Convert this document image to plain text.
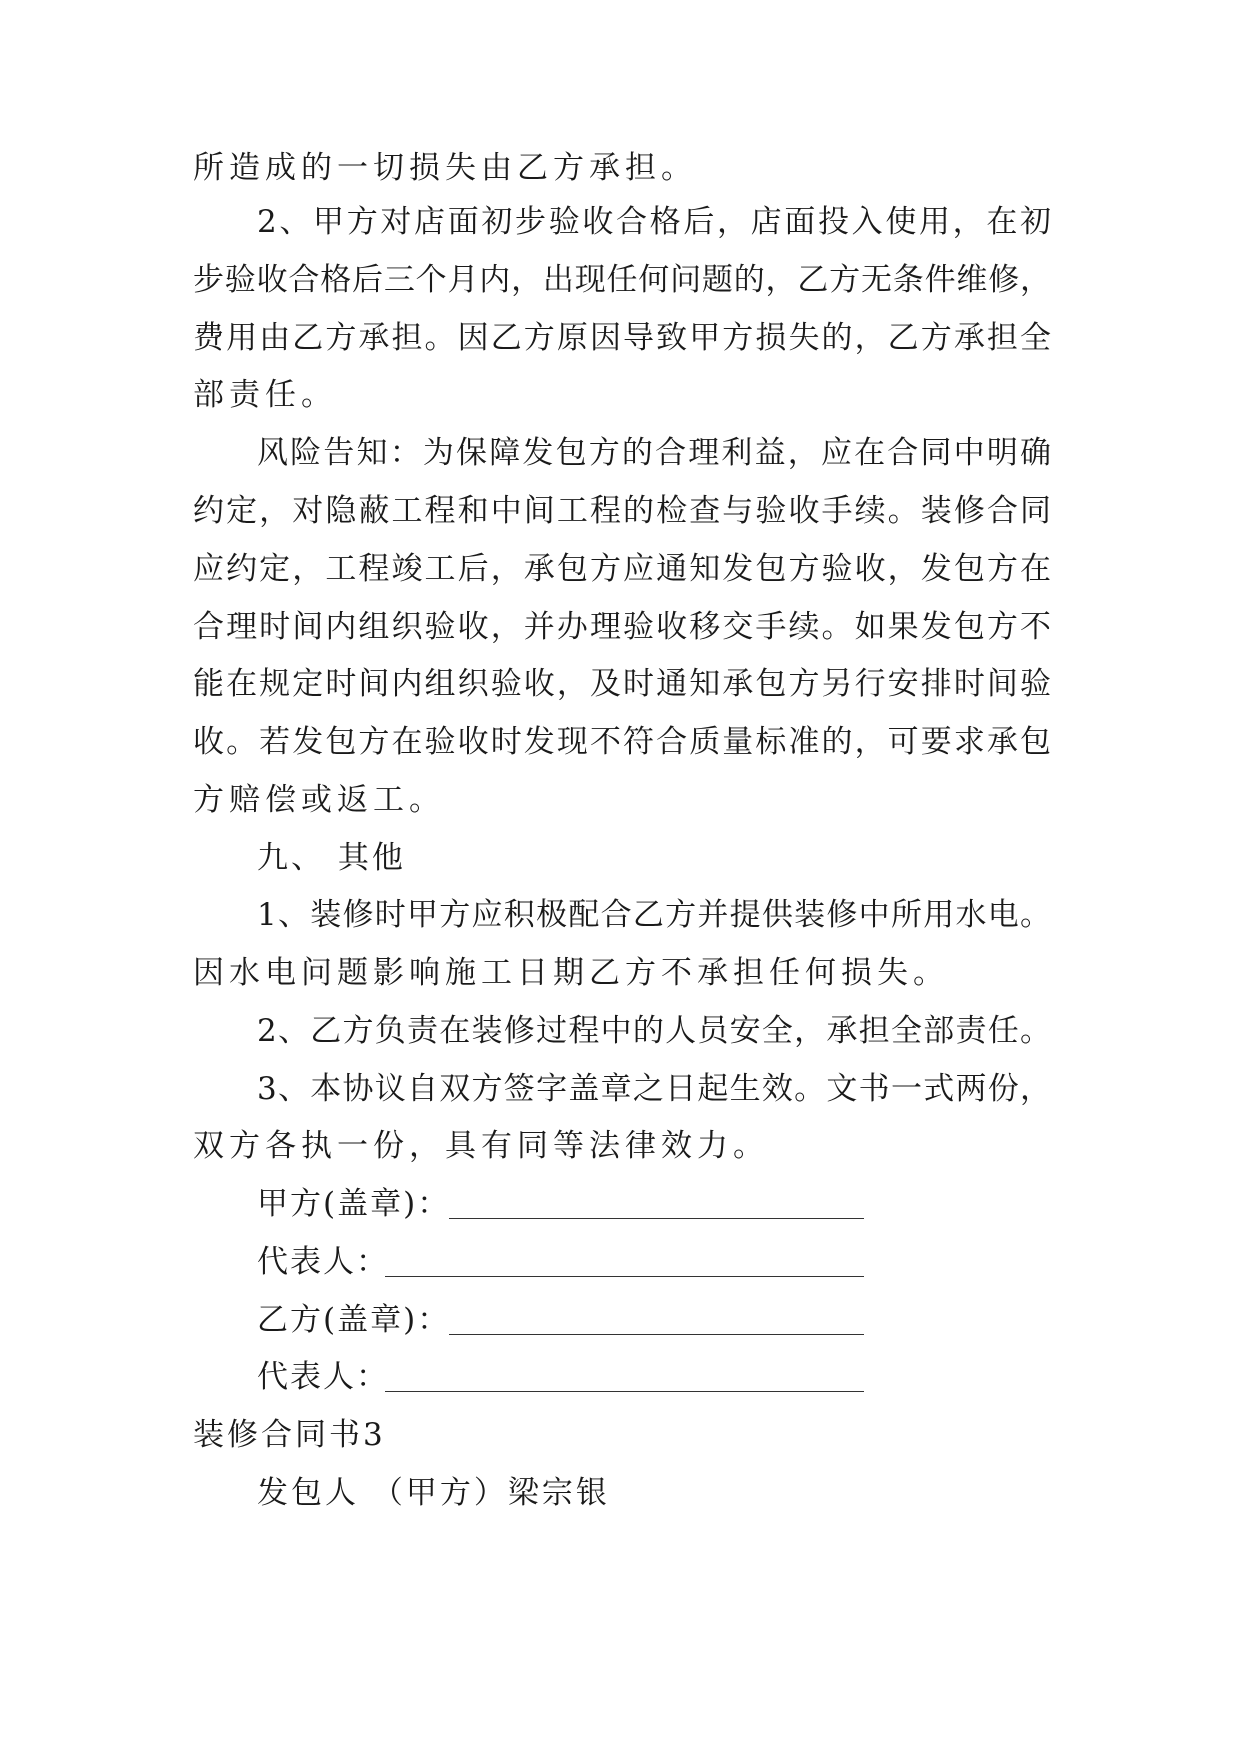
所造成的一切损失由乙方承担。
2、甲方对店面初步验收合格后，店面投入使用，在初
步验收合格后三个月内，出现任何问题的，乙方无条件维修，
费用由乙方承担。因乙方原因导致甲方损失的，乙方承担全
部责任。
风险告知：为保障发包方的合理利益，应在合同中明确
约定，对隐蔽工程和中间工程的检查与验收手续。装修合同
应约定，工程竣工后，承包方应通知发包方验收，发包方在
合理时间内组织验收，并办理验收移交手续。如果发包方不
能在规定时间内组织验收，及时通知承包方另行安排时间验
收。若发包方在验收时发现不符合质量标准的，可要求承包
方赔偿或返工。
九、 其他
1、装修时甲方应积极配合乙方并提供装修中所用水电。
因水电问题影响施工日期乙方不承担任何损失。
2、乙方负责在装修过程中的人员安全，承担全部责任。
3、本协议自双方签字盖章之日起生效。文书一式两份，
双方各执一份，具有同等法律效力。
甲方(盖章)：
代表人：
乙方(盖章)：
代表人：
装修合同书3
发包人 （甲方）梁宗银
